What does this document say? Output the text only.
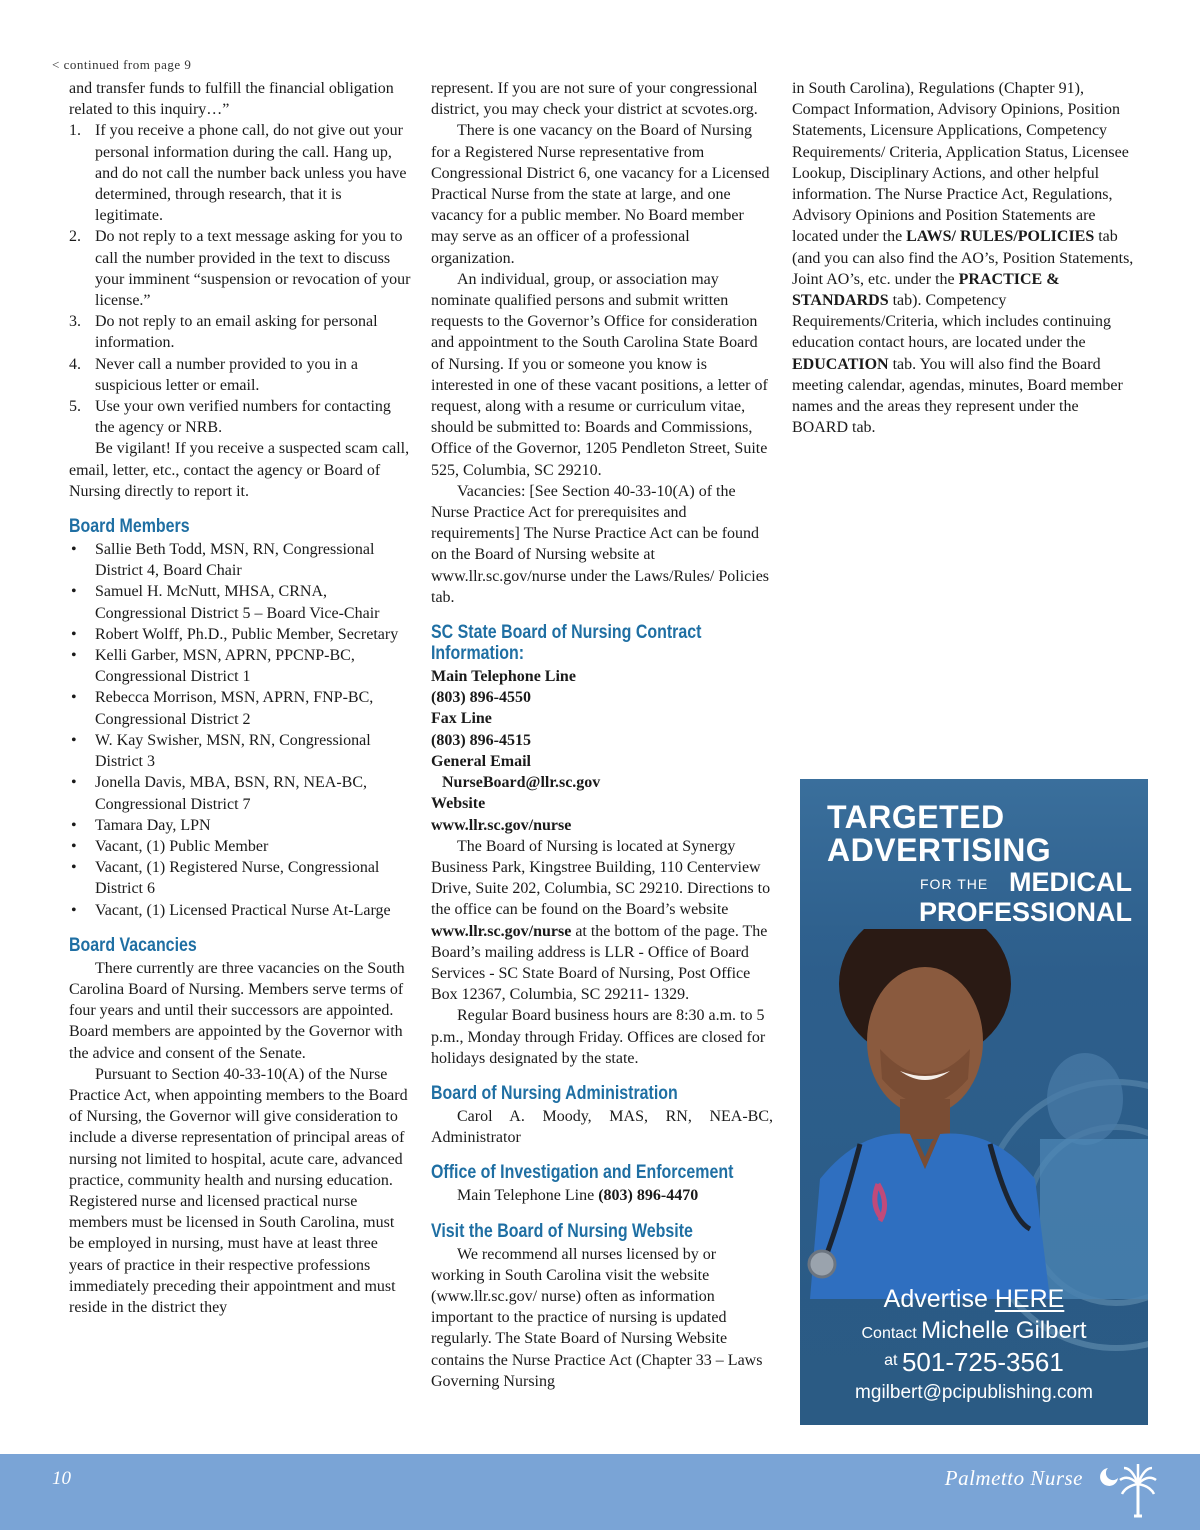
< continued from page 9

and transfer funds to fulfill the financial obligation related to this inquiry…”

1. If you receive a phone call, do not give out your personal information during the call. Hang up, and do not call the number back unless you have determined, through research, that it is legitimate.
2. Do not reply to a text message asking for you to call the number provided in the text to discuss your imminent “suspension or revocation of your license.”
3. Do not reply to an email asking for personal information.
4. Never call a number provided to you in a suspicious letter or email.
5. Use your own verified numbers for contacting the agency or NRB.

Be vigilant! If you receive a suspected scam call, email, letter, etc., contact the agency or Board of Nursing directly to report it.

Board Members
• Sallie Beth Todd, MSN, RN, Congressional District 4, Board Chair
• Samuel H. McNutt, MHSA, CRNA, Congressional District 5 – Board Vice-Chair
• Robert Wolff, Ph.D., Public Member, Secretary
• Kelli Garber, MSN, APRN, PPCNP-BC, Congressional District 1
• Rebecca Morrison, MSN, APRN, FNP-BC, Congressional District 2
• W. Kay Swisher, MSN, RN, Congressional District 3
• Jonella Davis, MBA, BSN, RN, NEA-BC, Congressional District 7
• Tamara Day, LPN
• Vacant, (1) Public Member
• Vacant, (1) Registered Nurse, Congressional District 6
• Vacant, (1) Licensed Practical Nurse At-Large
Board Vacancies

There currently are three vacancies on the South Carolina Board of Nursing. Members serve terms of four years and until their successors are appointed. Board members are appointed by the Governor with the advice and consent of the Senate.

Pursuant to Section 40-33-10(A) of the Nurse Practice Act, when appointing members to the Board of Nursing, the Governor will give consideration to include a diverse representation of principal areas of nursing not limited to hospital, acute care, advanced practice, community health and nursing education. Registered nurse and licensed practical nurse members must be licensed in South Carolina, must be employed in nursing, must have at least three years of practice in their respective professions immediately preceding their appointment and must reside in the district they

represent. If you are not sure of your congressional district, you may check your district at scvotes.org.

There is one vacancy on the Board of Nursing for a Registered Nurse representative from Congressional District 6, one vacancy for a Licensed Practical Nurse from the state at large, and one vacancy for a public member. No Board member may serve as an officer of a professional organization.

An individual, group, or association may nominate qualified persons and submit written requests to the Governor’s Office for consideration and appointment to the South Carolina State Board of Nursing. If you or someone you know is interested in one of these vacant positions, a letter of request, along with a resume or curriculum vitae, should be submitted to: Boards and Commissions, Office of the Governor, 1205 Pendleton Street, Suite 525, Columbia, SC 29210.

Vacancies: [See Section 40-33-10(A) of the Nurse Practice Act for prerequisites and requirements] The Nurse Practice Act can be found on the Board of Nursing website at www.llr.sc.gov/nurse under the Laws/Rules/ Policies tab.

SC State Board of Nursing Contract Information:

Main Telephone Line

(803) 896-4550

Fax Line

(803) 896-4515

General Email

NurseBoard@llr.sc.gov

Website

www.llr.sc.gov/nurse

The Board of Nursing is located at Synergy Business Park, Kingstree Building, 110 Centerview Drive, Suite 202, Columbia, SC 29210. Directions to the office can be found on the Board’s website www.llr.sc.gov/nurse at the bottom of the page. The Board’s mailing address is LLR - Office of Board Services - SC State Board of Nursing, Post Office Box 12367, Columbia, SC 29211- 1329.

Regular Board business hours are 8:30 a.m. to 5 p.m., Monday through Friday. Offices are closed for holidays designated by the state.

Board of Nursing Administration

Carol A. Moody, MAS, RN, NEA-BC, Administrator

Office of Investigation and Enforcement

Main Telephone Line (803) 896-4470

Visit the Board of Nursing Website

We recommend all nurses licensed by or working in South Carolina visit the website (www.llr.sc.gov/ nurse) often as information important to the practice of nursing is updated regularly. The State Board of Nursing Website contains the Nurse Practice Act (Chapter 33 – Laws Governing Nursing

in South Carolina), Regulations (Chapter 91), Compact Information, Advisory Opinions, Position Statements, Licensure Applications, Competency Requirements/ Criteria, Application Status, Licensee Lookup, Disciplinary Actions, and other helpful information. The Nurse Practice Act, Regulations, Advisory Opinions and Position Statements are located under the LAWS/ RULES/POLICIES tab (and you can also find the AO’s, Position Statements, Joint AO’s, etc. under the PRACTICE & STANDARDS tab). Competency Requirements/Criteria, which includes continuing education contact hours, are located under the EDUCATION tab. You will also find the Board meeting calendar, agendas, minutes, Board member names and the areas they represent under the BOARD tab.

TARGETED
ADVERTISING
FOR THE MEDICAL
PROFESSIONAL
Advertise HERE
Contact Michelle Gilbert
$^{at}$ 501-725-3561
mgilbert@pcipublishing.com
10	Palmetto Nurse
